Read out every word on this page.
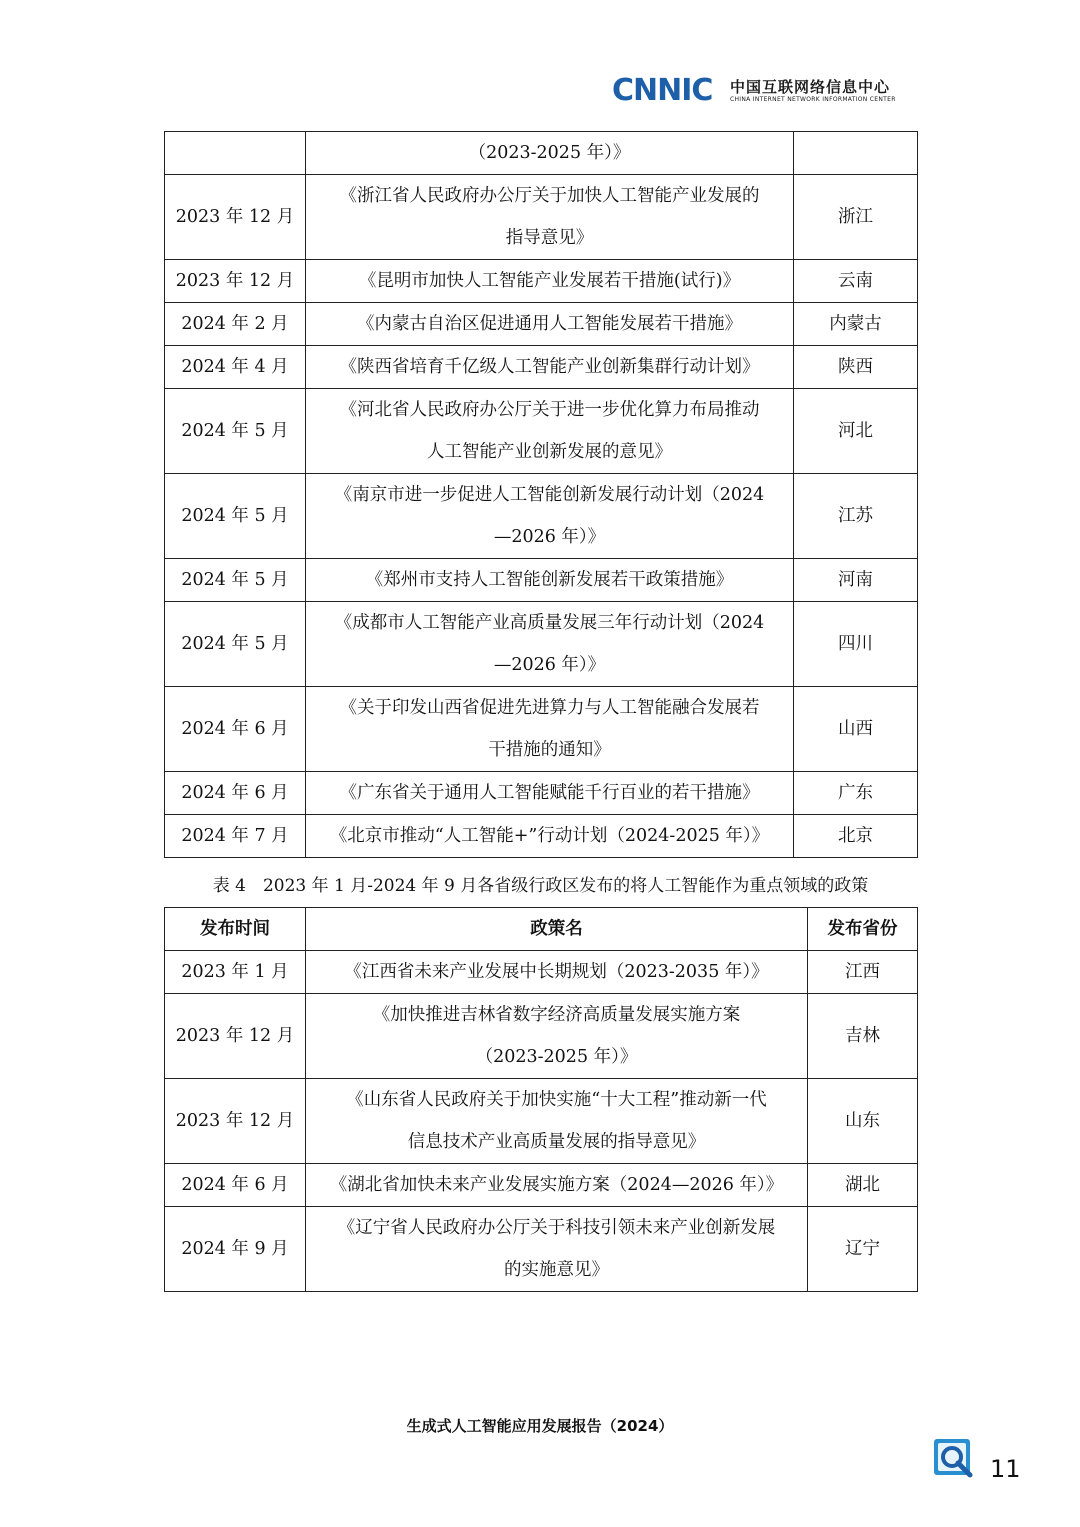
CNNIC 中国互联网络信息中心
CHINA INTERNET NETWORK INFORMATION CENTER

	（2023-2025 年）》	

2023 年 12 月	《浙江省人民政府办公厅关于加快人工智能产业发展的
指导意见》	浙江
2023 年 12 月	《昆明市加快人工智能产业发展若干措施(试行)》	云南
2024 年 2 月	《内蒙古自治区促进通用人工智能发展若干措施》	内蒙古
2024 年 4 月	《陕西省培育千亿级人工智能产业创新集群行动计划》	陕西
2024 年 5 月	《河北省人民政府办公厅关于进一步优化算力布局推动
人工智能产业创新发展的意见》	河北
2024 年 5 月	《南京市进一步促进人工智能创新发展行动计划（2024
—2026 年）》	江苏
2024 年 5 月	《郑州市支持人工智能创新发展若干政策措施》	河南
2024 年 5 月	《成都市人工智能产业高质量发展三年行动计划（2024
—2026 年）》	四川
2024 年 6 月	《关于印发山西省促进先进算力与人工智能融合发展若
干措施的通知》	山西
2024 年 6 月	《广东省关于通用人工智能赋能千行百业的若干措施》	广东
2024 年 7 月	《北京市推动“人工智能+”行动计划（2024-2025 年）》	北京
表 4　2023 年 1 月-2024 年 9 月各省级行政区发布的将人工智能作为重点领域的政策
发布时间	政策名	发布省份
2023 年 1 月	《江西省未来产业发展中长期规划（2023-2035 年）》	江西
2023 年 12 月	《加快推进吉林省数字经济高质量发展实施方案
（2023-2025 年）》	吉林
2023 年 12 月	《山东省人民政府关于加快实施“十大工程”推动新一代
信息技术产业高质量发展的指导意见》	山东
2024 年 6 月	《湖北省加快未来产业发展实施方案（2024—2026 年）》	湖北
2024 年 9 月	《辽宁省人民政府办公厅关于科技引领未来产业创新发展
的实施意见》	辽宁
生成式人工智能应用发展报告（2024）
11
